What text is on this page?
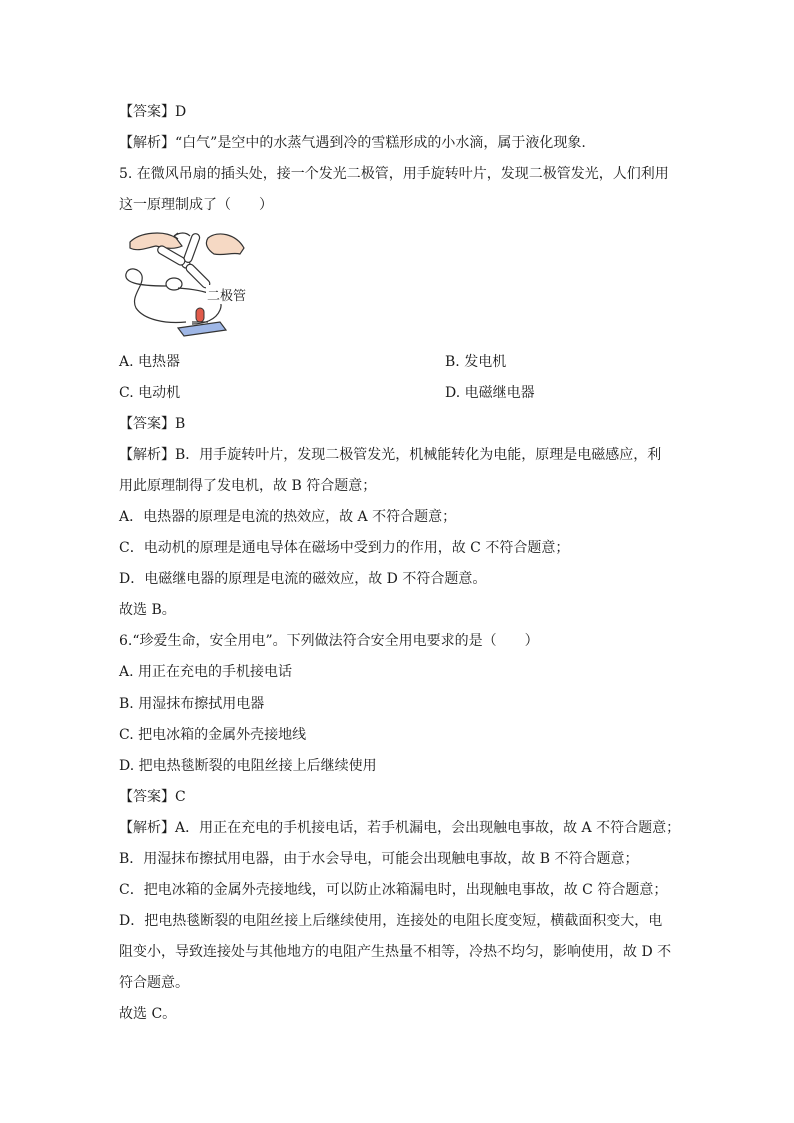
【答案】D
【解析】“白气”是空中的水蒸气遇到冷的雪糕形成的小水滴，属于液化现象.
5. 在微风吊扇的插头处，接一个发光二极管，用手旋转叶片，发现二极管发光，人们利用
这一原理制成了（　　）
二极管
A. 电热器	B. 发电机
C. 电动机	D. 电磁继电器
【答案】B
【解析】B．用手旋转叶片，发现二极管发光，机械能转化为电能，原理是电磁感应，利
用此原理制得了发电机，故 B 符合题意；
A．电热器的原理是电流的热效应，故 A 不符合题意；
C．电动机的原理是通电导体在磁场中受到力的作用，故 C 不符合题意；
D．电磁继电器的原理是电流的磁效应，故 D 不符合题意。
故选 B。
6.“珍爱生命，安全用电”。下列做法符合安全用电要求的是（　　）
A. 用正在充电的手机接电话
B. 用湿抹布擦拭用电器
C. 把电冰箱的金属外壳接地线
D. 把电热毯断裂的电阻丝接上后继续使用
【答案】C
【解析】A．用正在充电的手机接电话，若手机漏电，会出现触电事故，故 A 不符合题意；
B．用湿抹布擦拭用电器，由于水会导电，可能会出现触电事故，故 B 不符合题意；
C．把电冰箱的金属外壳接地线，可以防止冰箱漏电时，出现触电事故，故 C 符合题意；
D．把电热毯断裂的电阻丝接上后继续使用，连接处的电阻长度变短，横截面积变大，电
阻变小，导致连接处与其他地方的电阻产生热量不相等，冷热不均匀，影响使用，故 D 不
符合题意。
故选 C。
